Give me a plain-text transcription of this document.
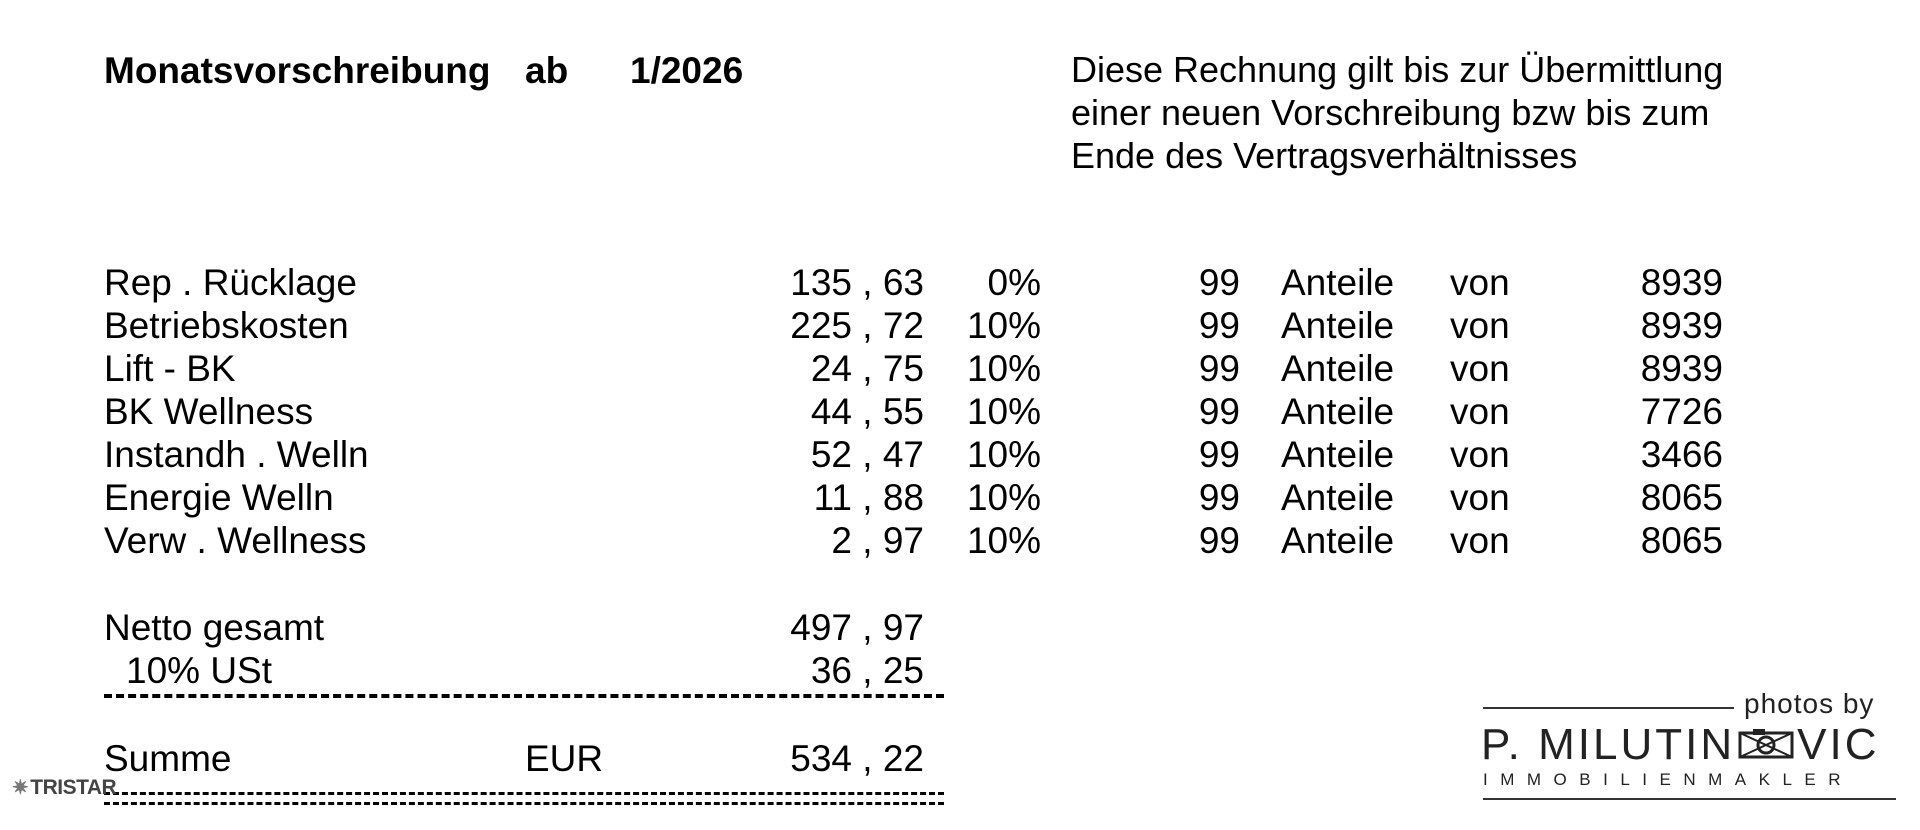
Monatsvorschreibung ab 1/2026	Diese Rechnung gilt bis zur Übermittlung
einer neuen Vorschreibung bzw bis zum
Ende des Vertragsverhältnisses
Rep . Rücklage	135 , 63 0%	99 Anteile von	8939
Betriebskosten	225 , 72 10%	99 Anteile von	8939
Lift - BK	24 , 75 10%	99 Anteile von	8939
BK Wellness	44 , 55 10%	99 Anteile von	7726
Instandh . Welln	52 , 47 10%	99 Anteile von	3466
Energie Welln	11 , 88 10%	99 Anteile von	8065
Verw . Wellness	2 , 97 10%	99 Anteile von	8065
Netto gesamt	497 , 97
10% USt	36 , 25
Summe	EUR	534 , 22
✷TRISTAR
photos by
P. MILUTIN VIC
IMMOBILIENMAKLER
